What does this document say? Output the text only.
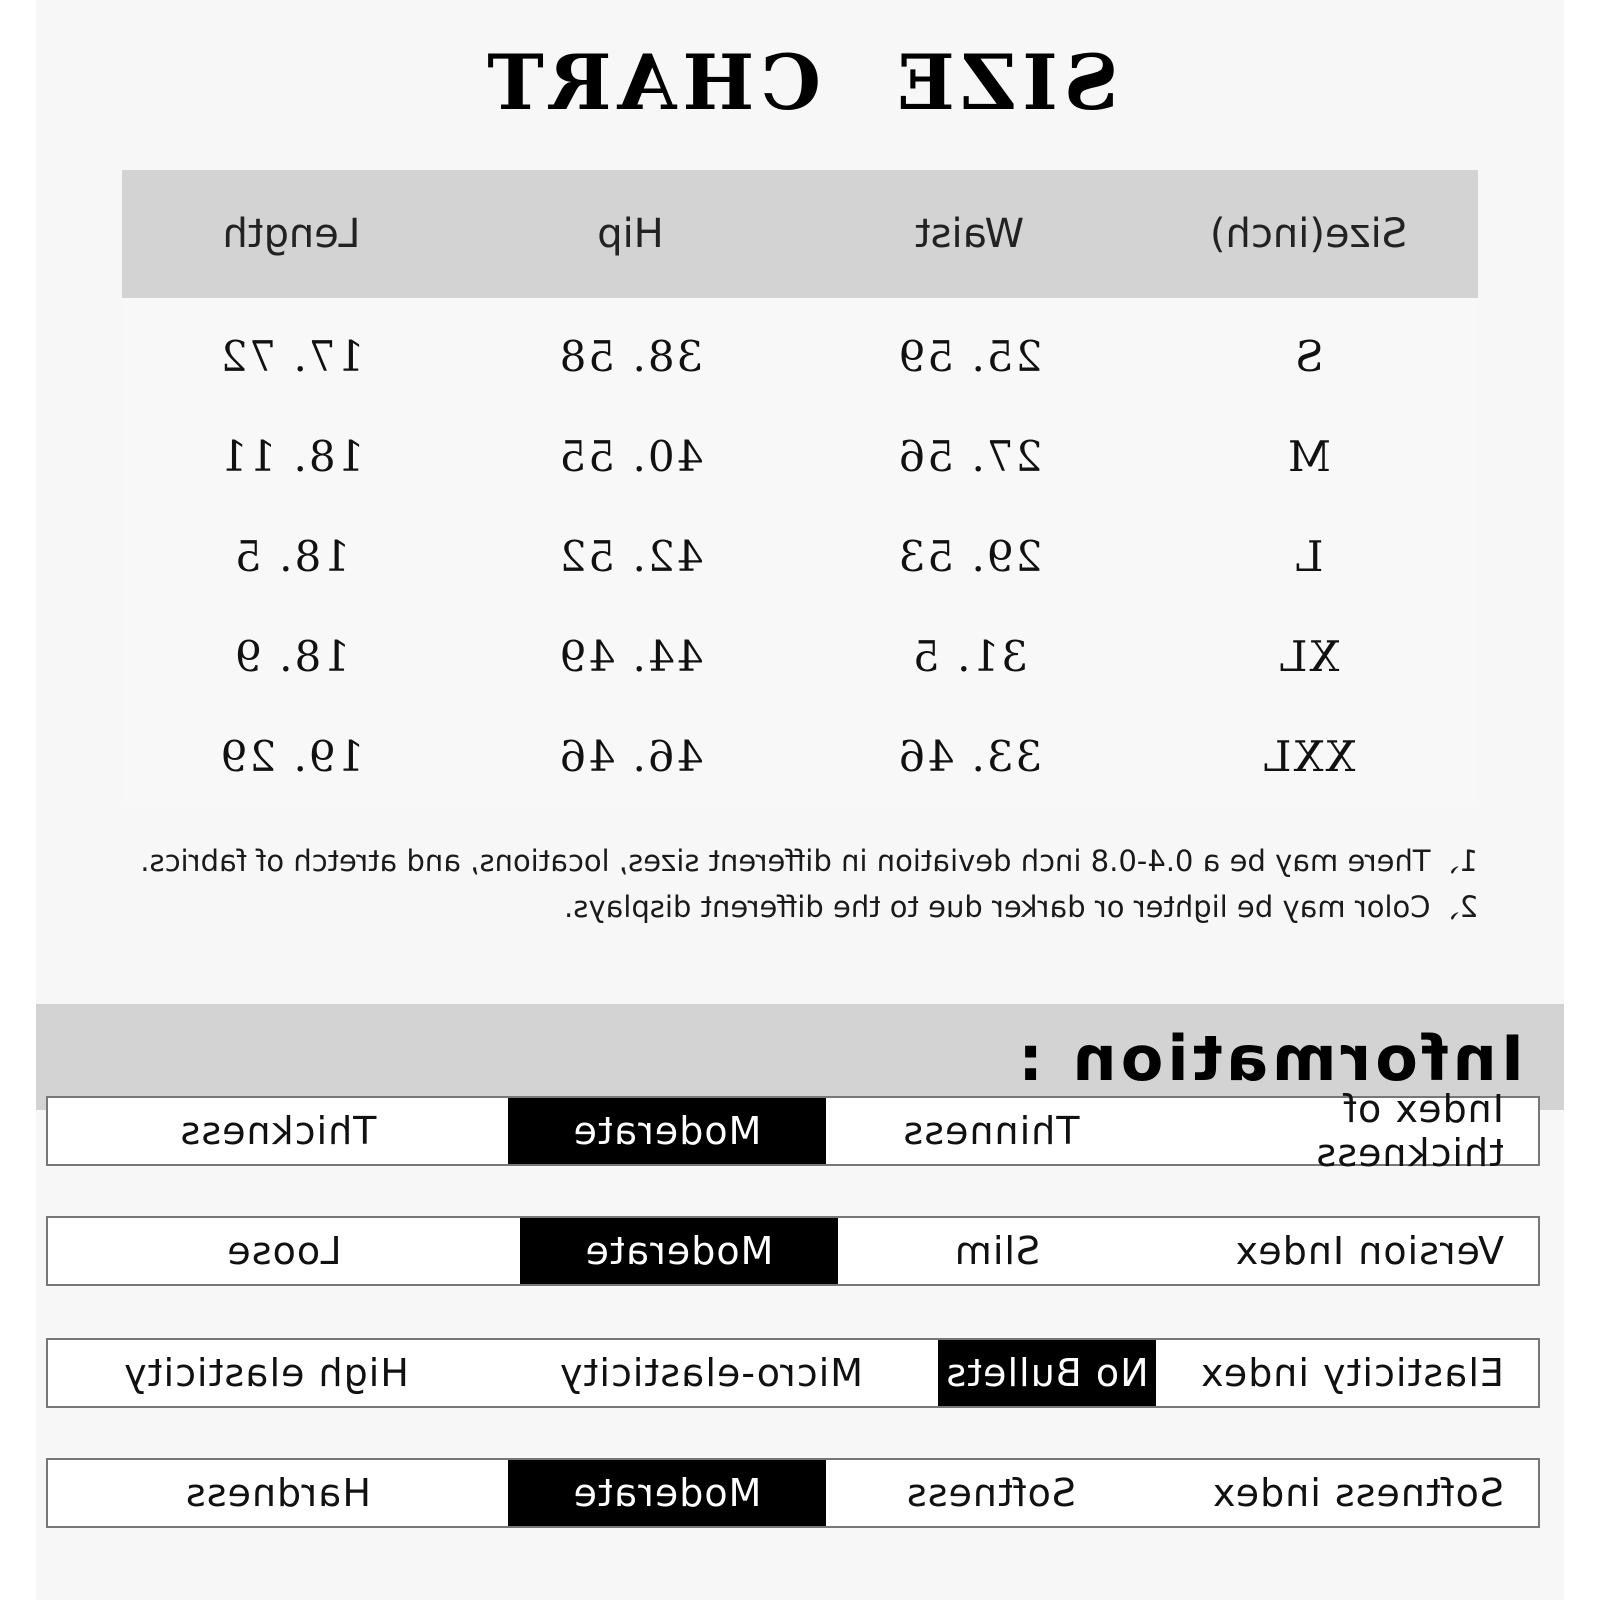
SIZECHART
Size(inch)
Waist
Hip
Length
S
25. 59
38. 58
17. 72
M
27. 56
40. 55
18. 11
L
29. 53
42. 52
18. 5
XL
31. 5
44. 49
18. 9
XXL
33. 46
46. 46
19. 29
1、There may be a 0.4-0.8 inch deviation in different sizes, locations, and atretch of fabrics.
2、Color may be lighter or darker due to the different displays.
Information :
Index of thickness
Thinness
Moderate
Thickness
Version Index
Slim
Moderate
Loose
Elasticity index
No Bullets
Micro-elasticity
High elasticity
Softness index
Softness
Moderate
Hardness
